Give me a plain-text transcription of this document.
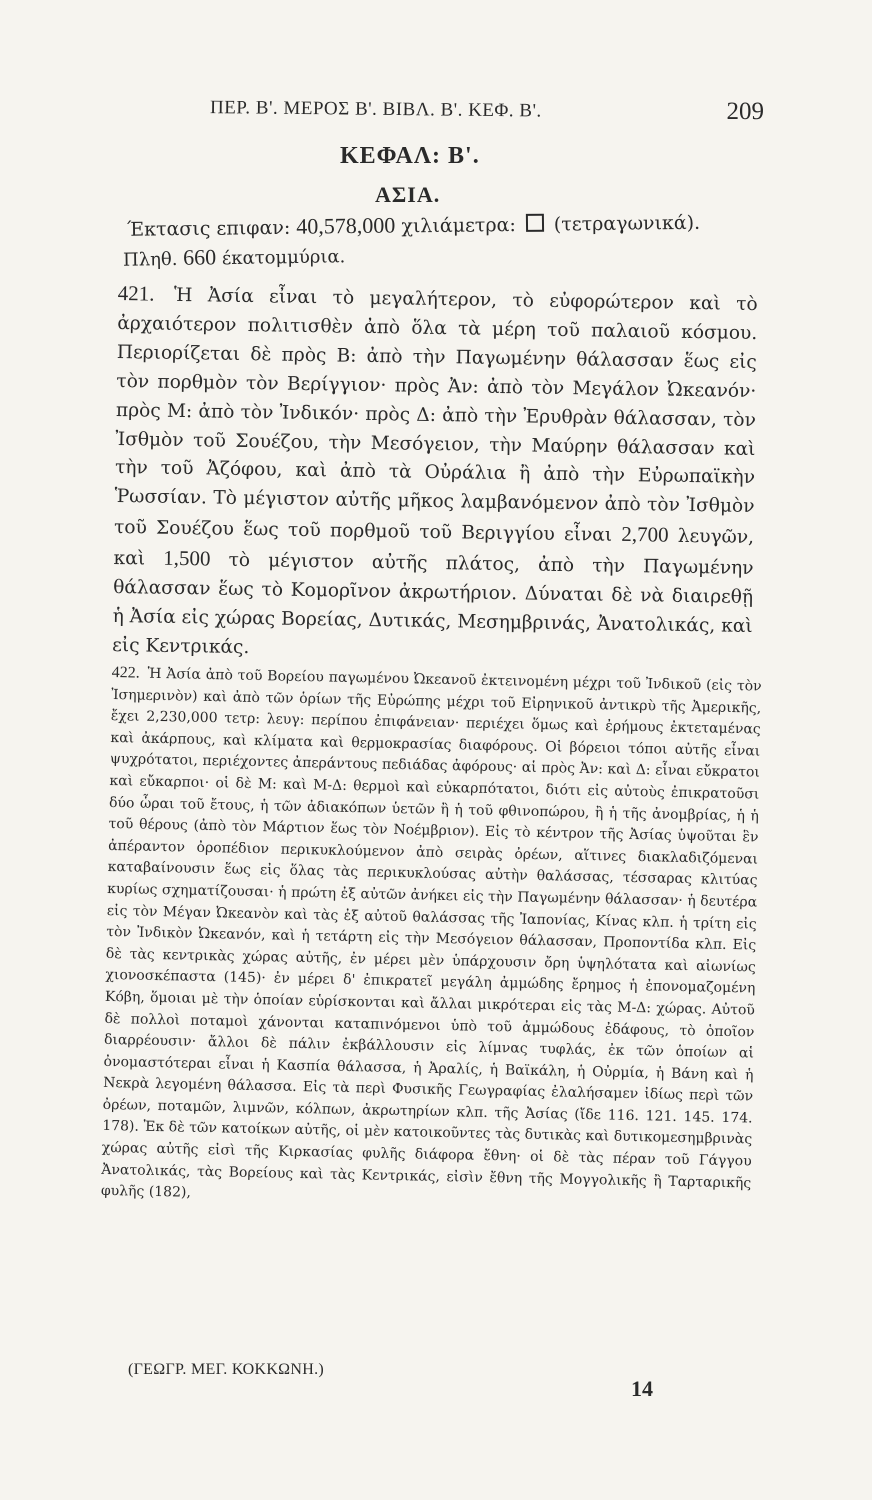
ΠΕΡ. Β'. ΜΕΡΟΣ Β'. ΒΙΒΛ. Β'. ΚΕΦ. Β'.	209
ΚΕΦΑΛ: Β'.
ΑΣΙΑ.
Έκτασις επιφαν: 40,578,000 χιλιάμετρα: (τετραγωνικά).
Πληθ. 660 έκατομμύρια.
421. Ἡ Ἀσία εἶναι τὸ μεγαλήτερον, τὸ εὐφορώτερον καὶ τὸ ἀρχαιότερον πολιτισθὲν ἀπὸ ὅλα τὰ μέρη τοῦ παλαιοῦ κόσμου. Περιορίζεται δὲ πρὸς Β: ἀπὸ τὴν Παγωμένην θάλασσαν ἕως εἰς τὸν πορθμὸν τὸν Βερίγγιον· πρὸς Ἀν: ἀπὸ τὸν Μεγάλον Ὠκεανόν· πρὸς Μ: ἀπὸ τὸν Ἰνδικόν· πρὸς Δ: ἀπὸ τὴν Ἐρυθρὰν θάλασσαν, τὸν Ἰσθμὸν τοῦ Σουέζου, τὴν Μεσόγειον, τὴν Μαύρην θάλασσαν καὶ τὴν τοῦ Ἀζόφου, καὶ ἀπὸ τὰ Οὐράλια ἢ ἀπὸ τὴν Εὐρωπαϊκὴν Ῥωσσίαν. Τὸ μέγιστον αὐτῆς μῆκος λαμβανόμενον ἀπὸ τὸν Ἰσθμὸν τοῦ Σουέζου ἕως τοῦ πορθμοῦ τοῦ Βεριγγίου εἶναι 2,700 λευγῶν, καὶ 1,500 τὸ μέγιστον αὐτῆς πλάτος, ἀπὸ τὴν Παγωμένην θάλασσαν ἕως τὸ Κομορῖνον ἀκρωτήριον. Δύναται δὲ νὰ διαιρεθῇ ἡ Ἀσία εἰς χώρας Βορείας, Δυτικάς, Μεσημβρινάς, Ἀνατολικάς, καὶ εἰς Κεντρικάς.
422. Ἡ Ἀσία ἀπὸ τοῦ Βορείου παγωμένου Ὠκεανοῦ ἐκτεινομένη μέχρι τοῦ Ἰνδικοῦ (εἰς τὸν Ἰσημερινὸν) καὶ ἀπὸ τῶν ὁρίων τῆς Εὐρώπης μέχρι τοῦ Εἰρηνικοῦ ἀντικρὺ τῆς Ἀμερικῆς, ἔχει 2,230,000 τετρ: λευγ: περίπου ἐπιφάνειαν· περιέχει ὅμως καὶ ἐρήμους ἐκτεταμένας καὶ ἀκάρπους, καὶ κλίματα καὶ θερμοκρασίας διαφόρους. Οἱ βόρειοι τόποι αὐτῆς εἶναι ψυχρότατοι, περιέχοντες ἀπεράντους πεδιάδας ἀφόρους· αἱ πρὸς Ἀν: καὶ Δ: εἶναι εὔκρατοι καὶ εὔκαρποι· οἱ δὲ Μ: καὶ Μ-Δ: θερμοὶ καὶ εὐκαρπότατοι, διότι εἰς αὐτοὺς ἐπικρατοῦσι δύο ὧραι τοῦ ἔτους, ἡ τῶν ἀδιακόπων ὑετῶν ἢ ἡ τοῦ φθινοπώρου, ἢ ἡ τῆς ἀνομβρίας, ἡ ἡ τοῦ θέρους (ἀπὸ τὸν Μάρτιον ἕως τὸν Νοέμβριον). Εἰς τὸ κέντρον τῆς Ἀσίας ὑψοῦται ἓν ἀπέραντον ὀροπέδιον περικυκλούμενον ἀπὸ σειρὰς ὀρέων, αἵτινες διακλαδιζόμεναι καταβαίνουσιν ἕως εἰς ὅλας τὰς περικυκλούσας αὐτὴν θαλάσσας, τέσσαρας κλιτύας κυρίως σχηματίζουσαι· ἡ πρώτη ἐξ αὐτῶν ἀνήκει εἰς τὴν Παγωμένην θάλασσαν· ἡ δευτέρα εἰς τὸν Μέγαν Ὠκεανὸν καὶ τὰς ἐξ αὐτοῦ θαλάσσας τῆς Ἰαπονίας, Κίνας κλπ. ἡ τρίτη εἰς τὸν Ἰνδικὸν Ὠκεανόν, καὶ ἡ τετάρτη εἰς τὴν Μεσόγειον θάλασσαν, Προποντίδα κλπ. Εἰς δὲ τὰς κεντρικὰς χώρας αὐτῆς, ἐν μέρει μὲν ὑπάρχουσιν ὄρη ὑψηλότατα καὶ αἰωνίως χιονοσκέπαστα (145)· ἐν μέρει δ' ἐπικρατεῖ μεγάλη ἀμμώδης ἔρημος ἡ ἐπονομαζομένη Κόβη, ὅμοιαι μὲ τὴν ὁποίαν εὑρίσκονται καὶ ἄλλαι μικρότεραι εἰς τὰς Μ-Δ: χώρας. Αὐτοῦ δὲ πολλοὶ ποταμοὶ χάνονται καταπινόμενοι ὑπὸ τοῦ ἀμμώδους ἐδάφους, τὸ ὁποῖον διαρρέουσιν· ἄλλοι δὲ πάλιν ἐκβάλλουσιν εἰς λίμνας τυφλάς, ἐκ τῶν ὁποίων αἱ ὀνομαστότεραι εἶναι ἡ Κασπία θάλασσα, ἡ Ἀραλίς, ἡ Βαϊκάλη, ἡ Οὐρμία, ἡ Βάνη καὶ ἡ Νεκρὰ λεγομένη θάλασσα. Εἰς τὰ περὶ Φυσικῆς Γεωγραφίας ἐλαλήσαμεν ἰδίως περὶ τῶν ὀρέων, ποταμῶν, λιμνῶν, κόλπων, ἀκρωτηρίων κλπ. τῆς Ἀσίας (ἴδε 116. 121. 145. 174. 178). Ἐκ δὲ τῶν κατοίκων αὐτῆς, οἱ μὲν κατοικοῦντες τὰς δυτικὰς καὶ δυτικομεσημβρινὰς χώρας αὐτῆς εἰσὶ τῆς Κιρκασίας φυλῆς διάφορα ἔθνη· οἱ δὲ τὰς πέραν τοῦ Γάγγου Ἀνατολικάς, τὰς Βορείους καὶ τὰς Κεντρικάς, εἰσὶν ἔθνη τῆς Μογγολικῆς ἢ Ταρταρικῆς φυλῆς (182),
(ΓΕΩΓΡ. ΜΕΓ. ΚΟΚΚΩΝΗ.)
14
